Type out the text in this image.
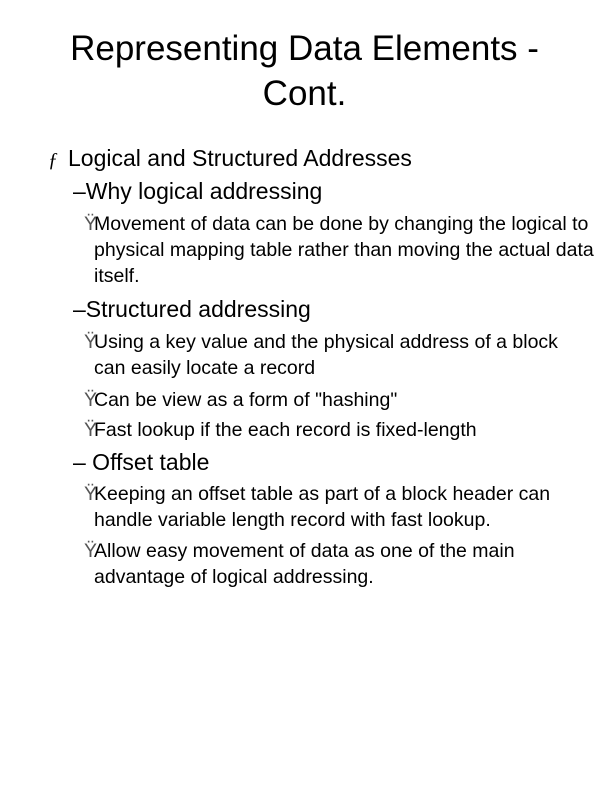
Representing Data Elements -
Cont.
ƒ Logical and Structured Addresses
–Why logical addressing
Ÿ
Movement of data can be done by changing the logical to physical mapping table rather than moving the actual data itself.
–Structured addressing
Ÿ
Using a key value and the physical address of a block can easily locate a record
Ÿ
Can be view as a form of "hashing"
Ÿ
Fast lookup if the each record is fixed-length
– Offset table
Ÿ
Keeping an offset table as part of a block header can handle variable length record with fast lookup.
Ÿ
Allow easy movement of data as one of the main advantage of logical addressing.
